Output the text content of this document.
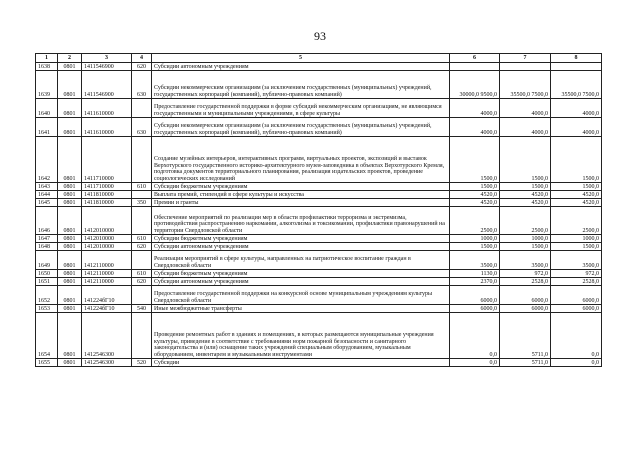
93
1	2	3	4	5	6	7	8
1638	0801	1411546900	620	Субсидии автономным учреждениям			
1639	0801	1411546900	630	Субсидии некоммерческим организациям (за исключением государственных (муниципальных) учреждений, государственных корпораций (компаний), публично-правовых компаний)	30000,0 9500,0	35500,0 7500,0	35500,0 7500,0
1640	0801	1411610000		Предоставление государственной поддержки в форме субсидий некоммерческим организациям, не являющимся государственными и муниципальными учреждениями, в сфере культуры	4000,0	4000,0	4000,0
1641	0801	1411610000	630	Субсидии некоммерческим организациям (за исключением государственных (муниципальных) учреждений, государственных корпораций (компаний), публично-правовых компаний)	4000,0	4000,0	4000,0
1642	0801	1411710000		Создание музейных интерьеров, интерактивных программ, виртуальных проектов, экспозиций и выставок Верхотурского государственного историко-архитектурного музея-заповедника в объектах Верхотурского Кремля, подготовка документов территориального планирования, реализация издательских проектов, проведение социологических исследований	1500,0	1500,0	1500,0
1643	0801	1411710000	610	Субсидии бюджетным учреждениям	1500,0	1500,0	1500,0
1644	0801	1411810000		Выплата премий, стипендий в сфере культуры и искусства	4520,0	4520,0	4520,0
1645	0801	1411810000	350	Премии и гранты	4520,0	4520,0	4520,0
1646	0801	1412010000		Обеспечение мероприятий по реализации мер в области профилактики терроризма и экстремизма, противодействия распространению наркомании, алкоголизма и токсикомании, профилактики правонарушений на территории Свердловской области	2500,0	2500,0	2500,0
1647	0801	1412010000	610	Субсидии бюджетным учреждениям	1000,0	1000,0	1000,0
1648	0801	1412010000	620	Субсидии автономным учреждениям	1500,0	1500,0	1500,0
1649	0801	1412110000		Реализация мероприятий в сфере культуры, направленных на патриотическое воспитание граждан в Свердловской области	3500,0	3500,0	3500,0
1650	0801	1412110000	610	Субсидии бюджетным учреждениям	1130,0	972,0	972,0
1651	0801	1412110000	620	Субсидии автономным учреждениям	2370,0	2528,0	2528,0
1652	0801	141224бГ10		Предоставление государственной поддержки на конкурсной основе муниципальным учреждениям культуры Свердловской области	6000,0	6000,0	6000,0
1653	0801	141224бГ10	540	Иные межбюджетные трансферты	6000,0	6000,0	6000,0
1654	0801	1412546300		Проведение ремонтных работ в зданиях и помещениях, в которых размещаются муниципальные учреждения культуры, приведение в соответствие с требованиями норм пожарной безопасности и санитарного законодательства и (или) оснащение таких учреждений специальным оборудованием, музыкальным оборудованием, инвентарем и музыкальными инструментами	0,0	5711,0	0,0
1655	0801	1412546300	520	Субсидии	0,0	5711,0	0,0
